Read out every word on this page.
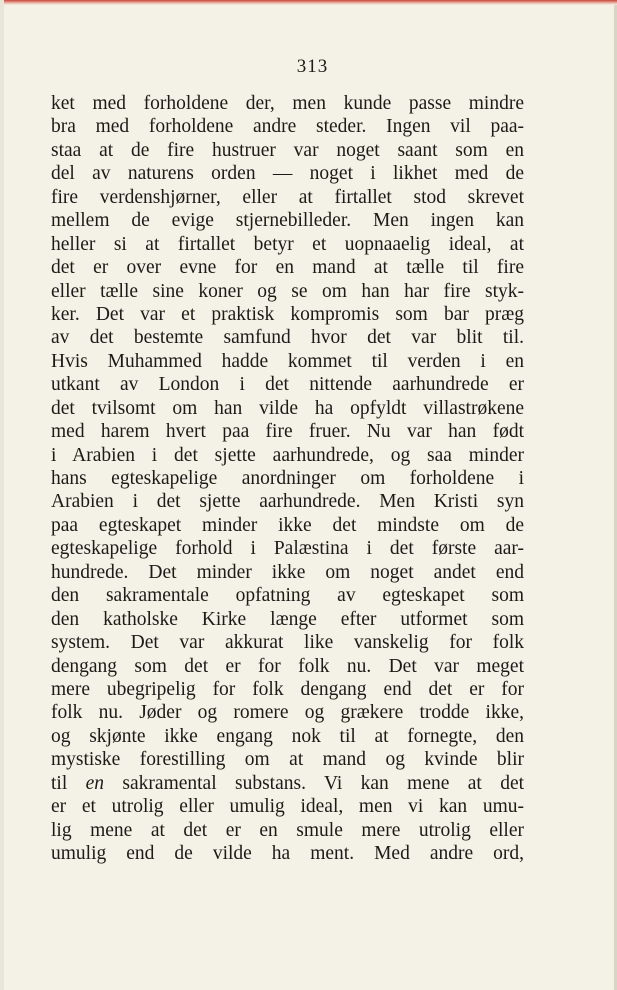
313
ket med forholdene der, men kunde passe mindre
bra med forholdene andre steder. Ingen vil paa-
staa at de fire hustruer var noget saant som en
del av naturens orden — noget i likhet med de
fire verdenshjørner, eller at firtallet stod skrevet
mellem de evige stjernebilleder. Men ingen kan
heller si at firtallet betyr et uopnaaelig ideal, at
det er over evne for en mand at tælle til fire
eller tælle sine koner og se om han har fire styk-
ker. Det var et praktisk kompromis som bar præg
av det bestemte samfund hvor det var blit til.
Hvis Muhammed hadde kommet til verden i en
utkant av London i det nittende aarhundrede er
det tvilsomt om han vilde ha opfyldt villastrøkene
med harem hvert paa fire fruer. Nu var han født
i Arabien i det sjette aarhundrede, og saa minder
hans egteskapelige anordninger om forholdene i
Arabien i det sjette aarhundrede. Men Kristi syn
paa egteskapet minder ikke det mindste om de
egteskapelige forhold i Palæstina i det første aar-
hundrede. Det minder ikke om noget andet end
den sakramentale opfatning av egteskapet som
den katholske Kirke længe efter utformet som
system. Det var akkurat like vanskelig for folk
dengang som det er for folk nu. Det var meget
mere ubegripelig for folk dengang end det er for
folk nu. Jøder og romere og grækere trodde ikke,
og skjønte ikke engang nok til at fornegte, den
mystiske forestilling om at mand og kvinde blir
til en sakramental substans. Vi kan mene at det
er et utrolig eller umulig ideal, men vi kan umu-
lig mene at det er en smule mere utrolig eller
umulig end de vilde ha ment. Med andre ord,
